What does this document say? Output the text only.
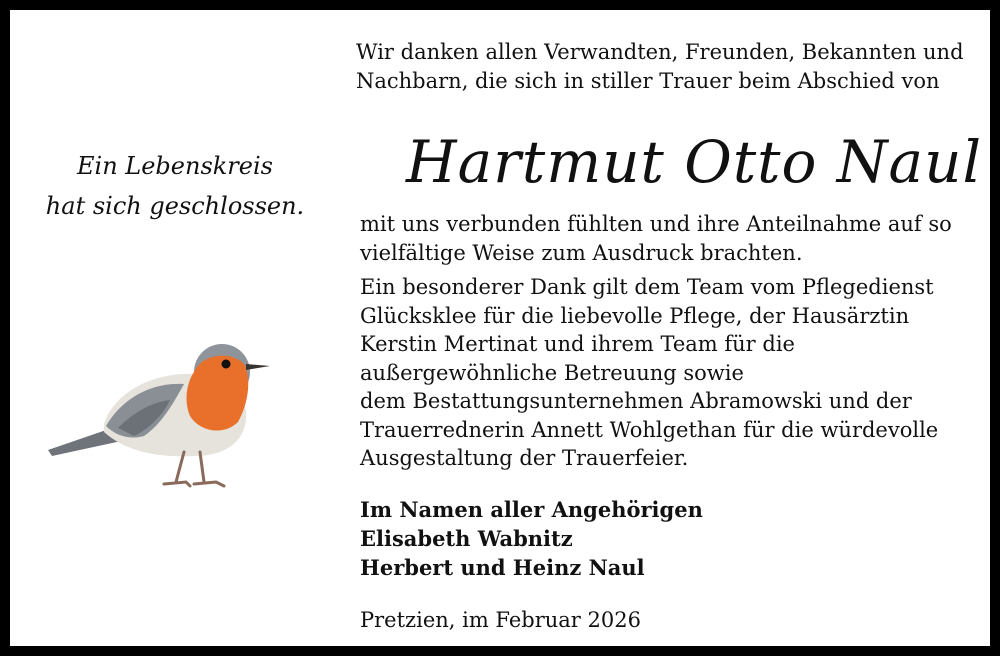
Wir danken allen Verwandten, Freunden, Bekannten und
Nachbarn, die sich in stiller Trauer beim Abschied von

Hartmut Otto Naul

Ein Lebenskreis
hat sich geschlossen.

mit uns verbunden fühlten und ihre Anteilnahme auf so
vielfältige Weise zum Ausdruck brachten.

Ein besonderer Dank gilt dem Team vom Pflegedienst
Glücksklee für die liebevolle Pflege, der Hausärztin
Kerstin Mertinat und ihrem Team für die
außergewöhnliche Betreuung sowie
dem Bestattungsunternehmen Abramowski und der
Trauerrednerin Annett Wohlgethan für die würdevolle
Ausgestaltung der Trauerfeier.

Im Namen aller Angehörigen
Elisabeth Wabnitz
Herbert und Heinz Naul

Pretzien, im Februar 2026
